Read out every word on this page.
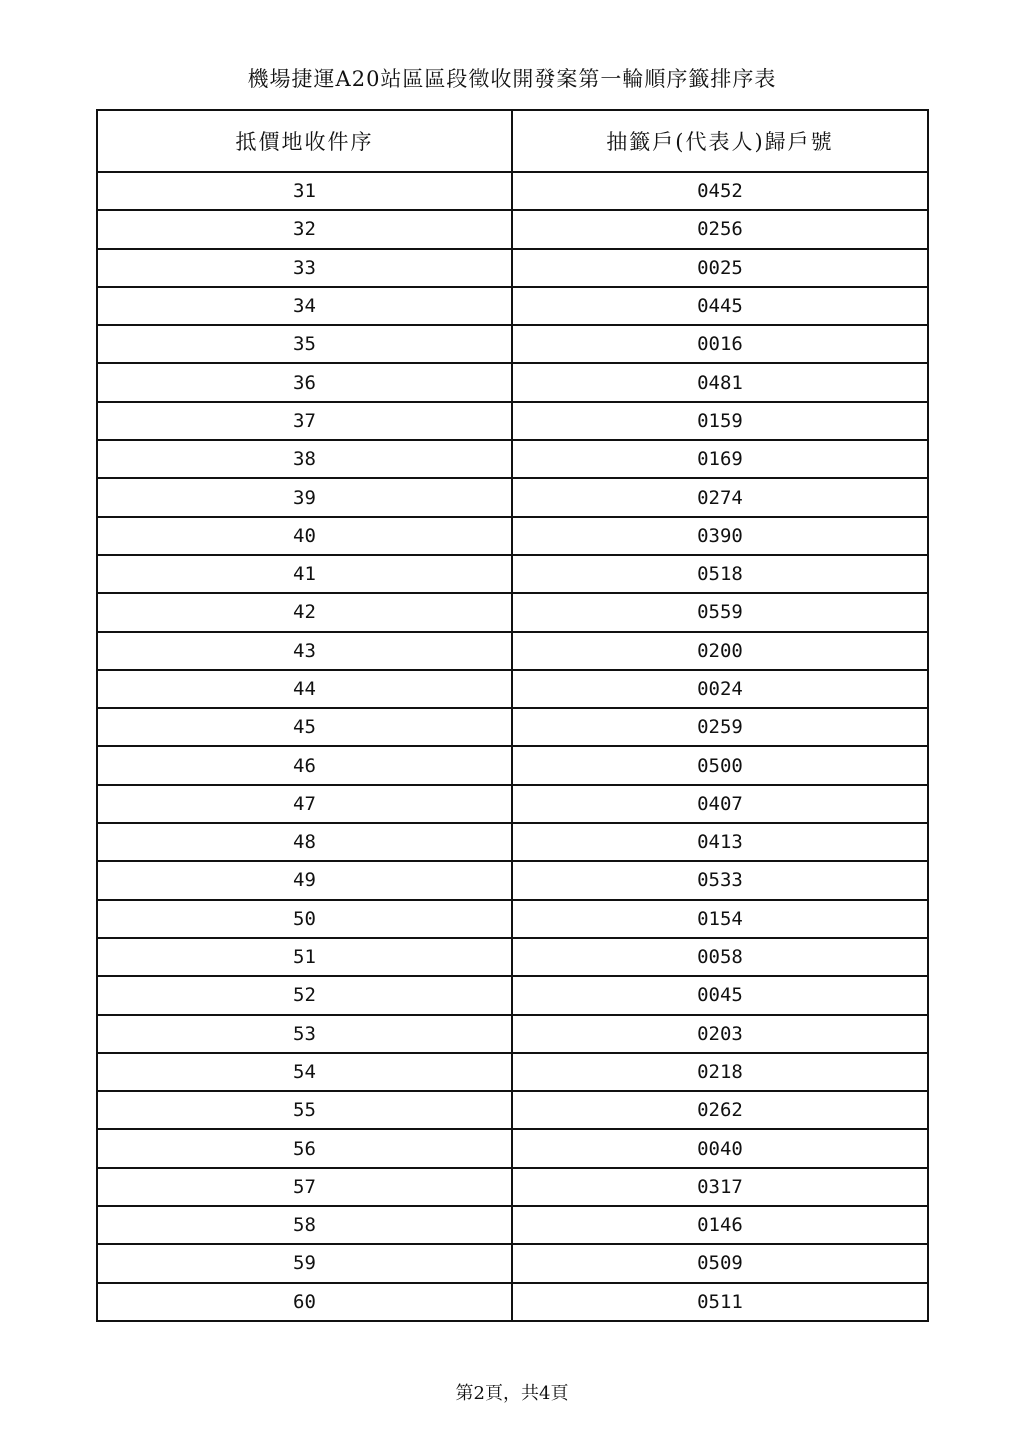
機場捷運A20站區區段徵收開發案第一輪順序籤排序表
抵價地收件序	抽籤戶(代表人)歸戶號
31	0452
32	0256
33	0025
34	0445
35	0016
36	0481
37	0159
38	0169
39	0274
40	0390
41	0518
42	0559
43	0200
44	0024
45	0259
46	0500
47	0407
48	0413
49	0533
50	0154
51	0058
52	0045
53	0203
54	0218
55	0262
56	0040
57	0317
58	0146
59	0509
60	0511
第2頁，共4頁
